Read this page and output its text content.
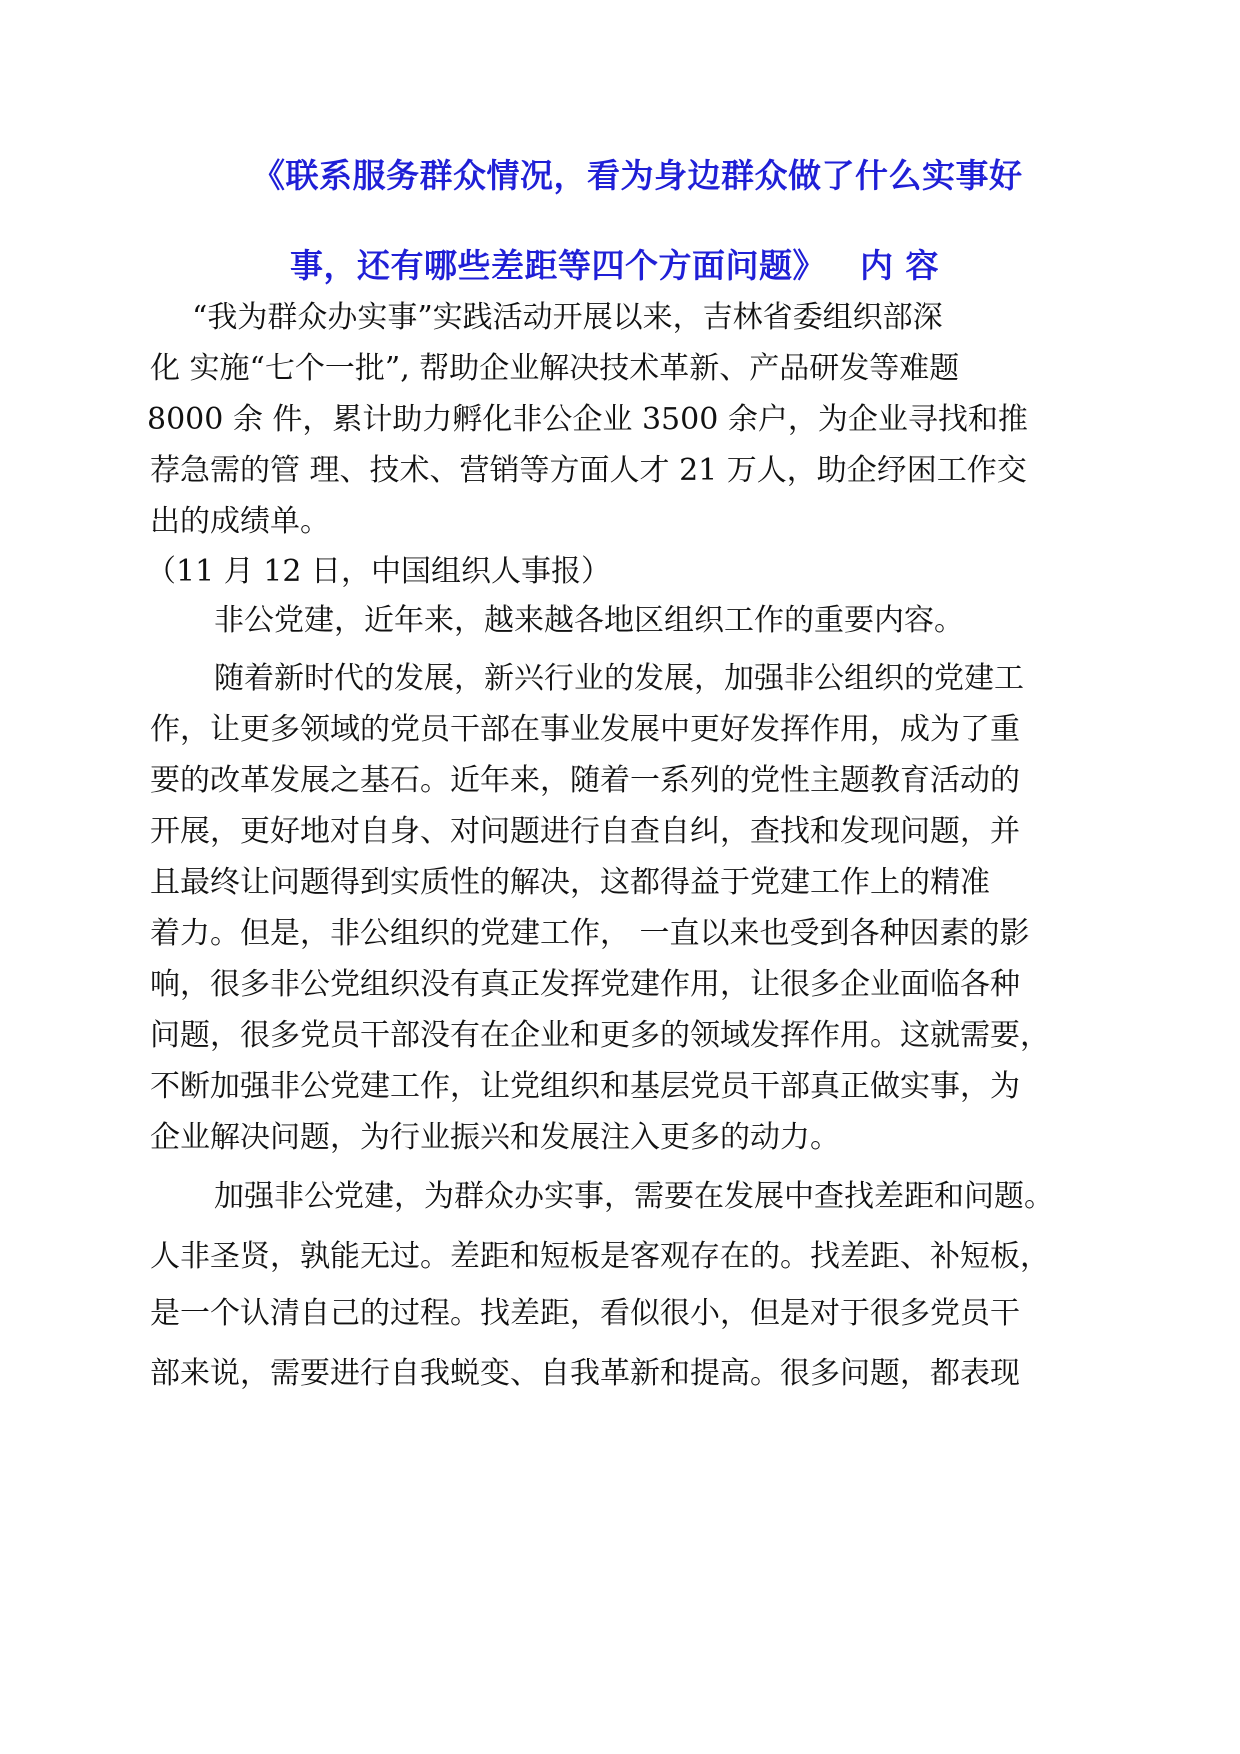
《联系服务群众情况，看为身边群众做了什么实事好
事，还有哪些差距等四个方面问题》 内 容
“我为群众办实事”实践活动开展以来，吉林省委组织部深
化 实施“七个一批”, 帮助企业解决技术革新、产品研发等难题
8000 余 件，累计助力孵化非公企业 3500 余户，为企业寻找和推
荐急需的管 理、技术、营销等方面人才 21 万人，助企纾困工作交
出的成绩单。
（11 月 12 日，中国组织人事报）
非公党建，近年来，越来越各地区组织工作的重要内容。
随着新时代的发展，新兴行业的发展，加强非公组织的党建工
作，让更多领域的党员干部在事业发展中更好发挥作用，成为了重
要的改革发展之基石。近年来，随着一系列的党性主题教育活动的
开展，更好地对自身、对问题进行自查自纠，查找和发现问题，并
且最终让问题得到实质性的解决，这都得益于党建工作上的精准
着力。但是，非公组织的党建工作， 一直以来也受到各种因素的影
响，很多非公党组织没有真正发挥党建作用，让很多企业面临各种
问题，很多党员干部没有在企业和更多的领域发挥作用。这就需要，
不断加强非公党建工作，让党组织和基层党员干部真正做实事，为
企业解决问题，为行业振兴和发展注入更多的动力。
加强非公党建，为群众办实事，需要在发展中查找差距和问题。
人非圣贤，孰能无过。差距和短板是客观存在的。找差距、补短板，
是一个认清自己的过程。找差距，看似很小，但是对于很多党员干
部来说，需要进行自我蜕变、自我革新和提高。很多问题，都表现
